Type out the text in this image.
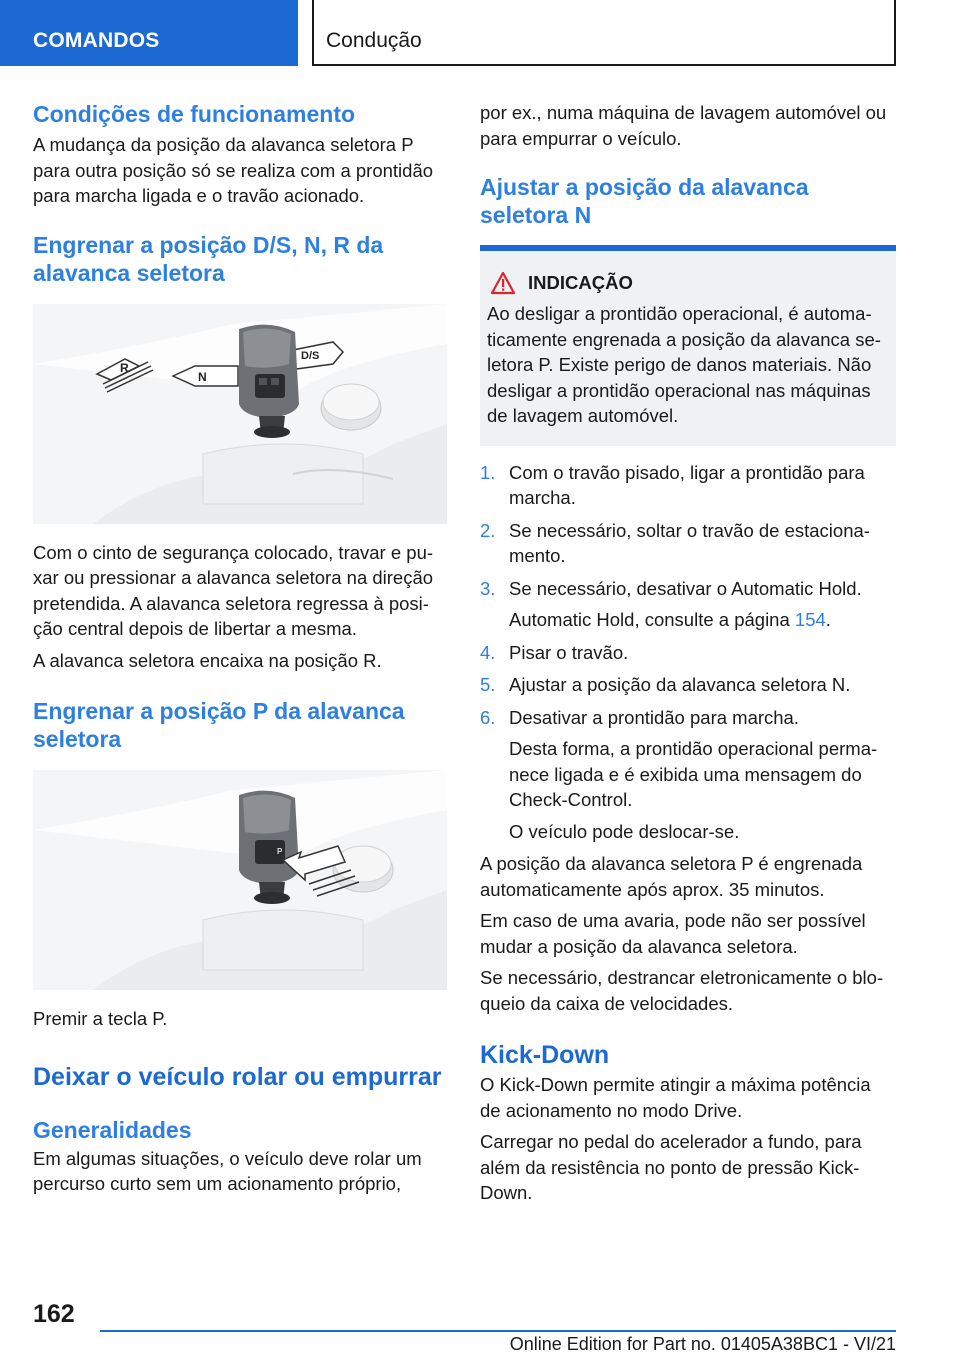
COMANDOS	Condução
Condições de funcionamento

A mudança da posição da alavanca seletora P para outra posição só se realiza com a prontidão para marcha ligada e o travão acionado.

Engrenar a posição D/S, N, R da alavanca seletora
R
N
D/S

Com o cinto de segurança colocado, travar e puxar ou pressionar a alavanca seletora na direção pretendida. A alavanca seletora regressa à posição central depois de libertar a mesma.

A alavanca seletora encaixa na posição R.

Engrenar a posição P da alavanca seletora
P

Premir a tecla P.

Deixar o veículo rolar ou empurrar
Generalidades

Em algumas situações, o veículo deve rolar um percurso curto sem um acionamento próprio,

por ex., numa máquina de lavagem automóvel ou para empurrar o veículo.

Ajustar a posição da alavanca seletora N
INDICAÇÃO

Ao desligar a prontidão operacional, é automaticamente engrenada a posição da alavanca seletora P. Existe perigo de danos materiais. Não desligar a prontidão operacional nas máquinas de lavagem automóvel.

1. Com o travão pisado, ligar a prontidão para marcha.
2. Se necessário, soltar o travão de estacionamento.
3. Se necessário, desativar o Automatic Hold.
Automatic Hold, consulte a página 154.
4. Pisar o travão.
5. Ajustar a posição da alavanca seletora N.
6. Desativar a prontidão para marcha.
Desta forma, a prontidão operacional permanece ligada e é exibida uma mensagem do Check-Control.
O veículo pode deslocar-se.

A posição da alavanca seletora P é engrenada automaticamente após aprox. 35 minutos.

Em caso de uma avaria, pode não ser possível mudar a posição da alavanca seletora.

Se necessário, destrancar eletronicamente o bloqueio da caixa de velocidades.

Kick-Down

O Kick-Down permite atingir a máxima potência de acionamento no modo Drive.

Carregar no pedal do acelerador a fundo, para além da resistência no ponto de pressão Kick-Down.

162
Online Edition for Part no. 01405A38BC1 - VI/21
